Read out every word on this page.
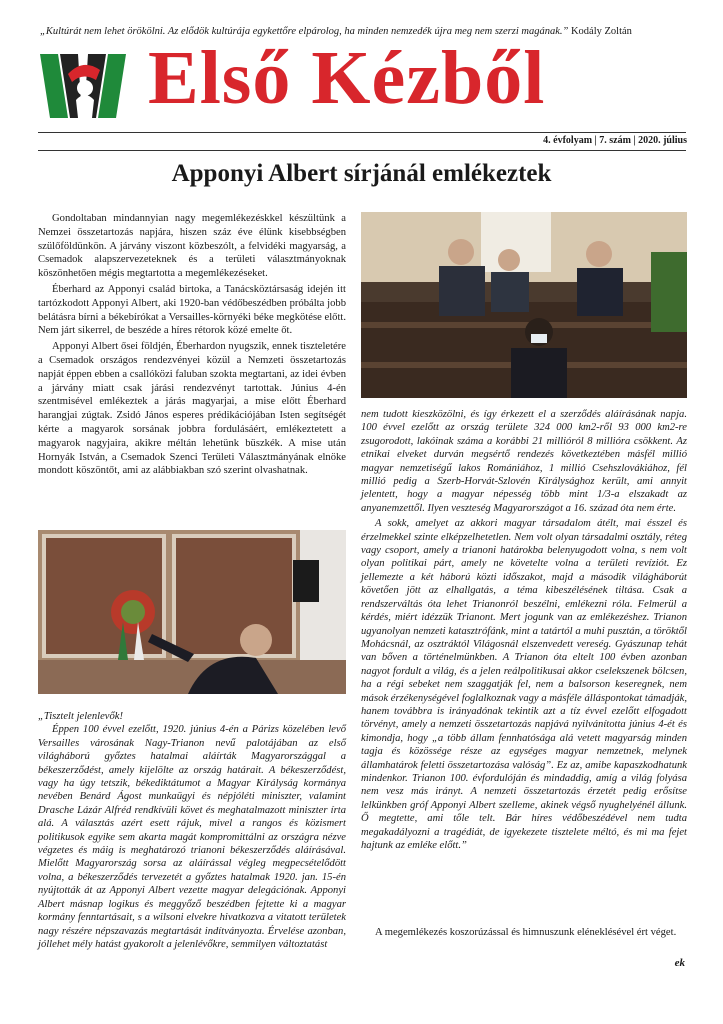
„Kultúrát nem lehet örökölni. Az elődök kultúrája egykettőre elpárolog, ha minden nemzedék újra meg nem szerzi magának.” Kodály Zoltán
Első Kézből
4. évfolyam | 7. szám | 2020. július
Apponyi Albert sírjánál emlékeztek

Gondoltaban mindannyian nagy megemlékezéskkel készültünk a Nemzei összetartozás napjára, hiszen száz éve élünk kisebbségben szülőföldünkön. A járvány viszont közbeszólt, a felvidéki magyarság, a Csemadok alapszervezeteknek és a területi választmányoknak köszönhetően mégis megtartotta a megemlékezéseket.

Éberhard az Apponyi család birtoka, a Tanácsköztársaság idején itt tartózkodott Apponyi Albert, aki 1920-ban védőbeszédben próbálta jobb belátásra bírni a békebírókat a Versailles-környéki béke megkötése előtt. Nem járt sikerrel, de beszéde a híres rétorok közé emelte őt.

Apponyi Albert ősei földjén, Éberhardon nyugszik, ennek tiszteletére a Csemadok országos rendezvényei közül a Nemzeti összetartozás napját éppen ebben a csallóközi faluban szokta megtartani, az idei évben a járvány miatt csak járási rendezvényt tartottak. Június 4-én szentmisével emlékeztek a járás magyarjai, a mise előtt Éberhard harangjai zúgtak. Zsidó János esperes prédikációjában Isten segítségét kérte a magyarok sorsának jobbra fordulásáért, emlékeztetett a magyarok nagyjaira, akikre méltán lehetünk büszkék. A mise után Hornyák István, a Csemadok Szenci Területi Választmányának elnöke mondott köszöntőt, ami az alábbiakban szó szerint olvashatnak.

„Tisztelt jelenlevők!

Éppen 100 évvel ezelőtt, 1920. június 4-én a Párizs közelében levő Versailles városának Nagy-Trianon nevű palotájában az első világháború győztes hatalmai aláírták Magyarországgal a békeszerződést, amely kijelölte az ország határait. A békeszerződést, vagy ha úgy tetszik, békediktátumot a Magyar Királyság kormánya nevében Benárd Ágost munkaügyi és népjóléti miniszter, valamint Drasche Lázár Alfréd rendkívüli követ és meghatalmazott miniszter írta alá. A választás azért esett rájuk, mivel a rangos és közismert politikusok egyike sem akarta magát kompromittálni az országra nézve végzetes és máig is meghatározó trianoni békeszerződés aláírásával. Mielőtt Magyarország sorsa az aláírással végleg megpecsételődött volna, a békeszerződés tervezetét a győztes hatalmak 1920. jan. 15-én nyújtották át az Apponyi Albert vezette magyar delegációnak. Apponyi Albert másnap logikus és meggyőző beszédben fejtette ki a magyar kormány fenntartásait, s a wilsoni elvekre hivatkozva a vitatott területek nagy részére népszavazás megtartását indítványozta. Érvelése azonban, jóllehet mély hatást gyakorolt a jelenlévőkre, semmilyen változtatást

nem tudott kieszközölni, és így érkezett el a szerződés aláírásának napja. 100 évvel ezelőtt az ország területe 324 000 km2-ről 93 000 km2-re zsugorodott, lakóinak száma a korábbi 21 millióról 8 millióra csökkent. Az etnikai elveket durván megsértő rendezés következtében másfél millió magyar nemzetiségű lakos Romániához, 1 millió Csehszlovákiához, fél millió pedig a Szerb-Horvát-Szlovén Királysághoz került, ami annyit jelentett, hogy a magyar népesség több mint 1/3-a elszakadt az anyanemzettől. Ilyen veszteség Magyarországot a 16. század óta nem érte.

A sokk, amelyet az akkori magyar társadalom átélt, mai ésszel és érzelmekkel szinte elképzelhetetlen. Nem volt olyan társadalmi osztály, réteg vagy csoport, amely a trianoni határokba belenyugodott volna, s nem volt olyan politikai párt, amely ne követelte volna a területi revíziót. Ez jellemezte a két háború közti időszakot, majd a második világháborút követően jött az elhallgatás, a téma kibeszélésének tiltása. Csak a rendszerváltás óta lehet Trianonról beszélni, emlékezni róla. Felmerül a kérdés, miért idézzük Trianont. Mert jogunk van az emlékezéshez. Trianon ugyanolyan nemzeti katasztrófánk, mint a tatártól a muhi pusztán, a töröktől Mohácsnál, az osztráktól Világosnál elszenvedett vereség. Gyászunap tehát van bőven a történelmünkben. A Trianon óta eltelt 100 évben azonban nagyot fordult a világ, és a jelen reálpolitikusai akkor cselekszenek bölcsen, ha a régi sebeket nem szaggatják fel, nem a balsorson keseregnek, nem mások érzékenységével foglalkoznak vagy a másféle álláspontokat támadják, hanem továbbra is irányadónak tekintik azt a tíz évvel ezelőtt elfogadott törvényt, amely a nemzeti összetartozás napjává nyilvánította június 4-ét és kimondja, hogy „a több állam fennhatósága alá vetett magyarság minden tagja és közössége része az egységes magyar nemzetnek, melynek államhatárok feletti összetartozása valóság”. Ez az, amibe kapaszkodhatunk mindenkor. Trianon 100. évfordulóján és mindaddig, amíg a világ folyása nem vesz más irányt. A nemzeti összetartozás érzetét pedig erősítse lelkünkben gróf Apponyi Albert szelleme, akinek végső nyughelyénél állunk. Ő megtette, ami tőle telt. Bár híres védőbeszédével nem tudta megakadályozni a tragédiát, de igyekezete tisztelete méltó, és mi ma fejet hajtunk az emléke előtt.”

A megemlékezés koszorúzással és himnuszunk eléneklésével ért véget.

ek
